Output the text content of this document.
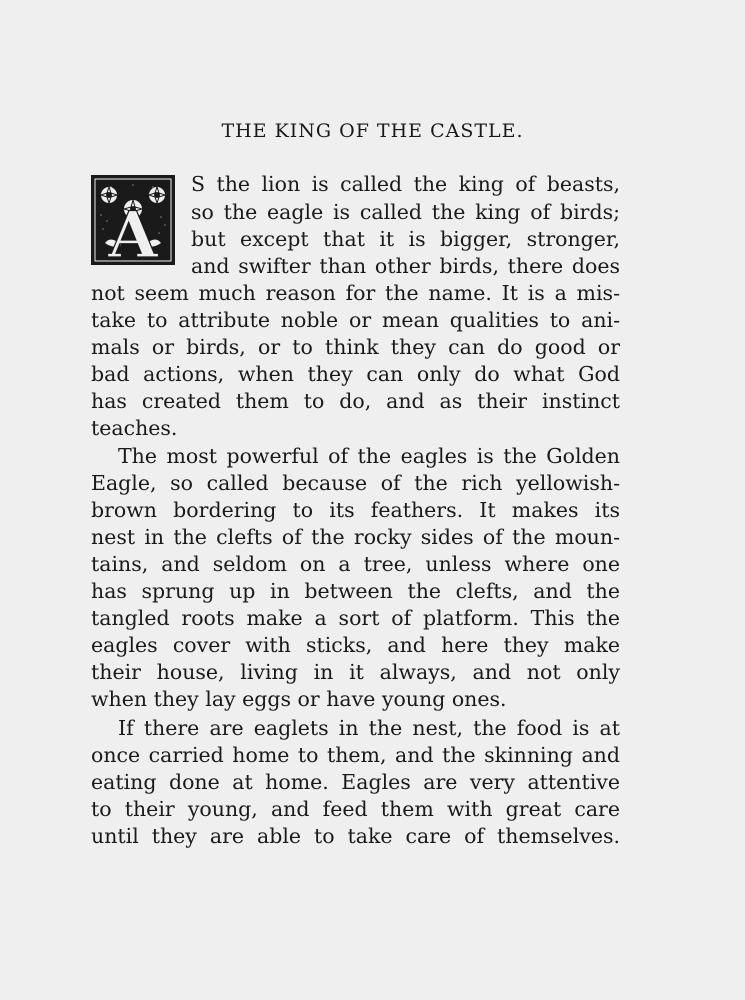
THE KING OF THE CASTLE.
A
S the lion is called the king of beasts,
so the eagle is called the king of birds;
but except that it is bigger, stronger,
and swifter than other birds, there does
not seem much reason for the name. It is a mis-
take to attribute noble or mean qualities to ani-
mals or birds, or to think they can do good or
bad actions, when they can only do what God
has created them to do, and as their instinct
teaches.
The most powerful of the eagles is the Golden
Eagle, so called because of the rich yellowish-
brown bordering to its feathers. It makes its
nest in the clefts of the rocky sides of the moun-
tains, and seldom on a tree, unless where one
has sprung up in between the clefts, and the
tangled roots make a sort of platform. This the
eagles cover with sticks, and here they make
their house, living in it always, and not only
when they lay eggs or have young ones.
If there are eaglets in the nest, the food is at
once carried home to them, and the skinning and
eating done at home. Eagles are very attentive
to their young, and feed them with great care
until they are able to take care of themselves.
